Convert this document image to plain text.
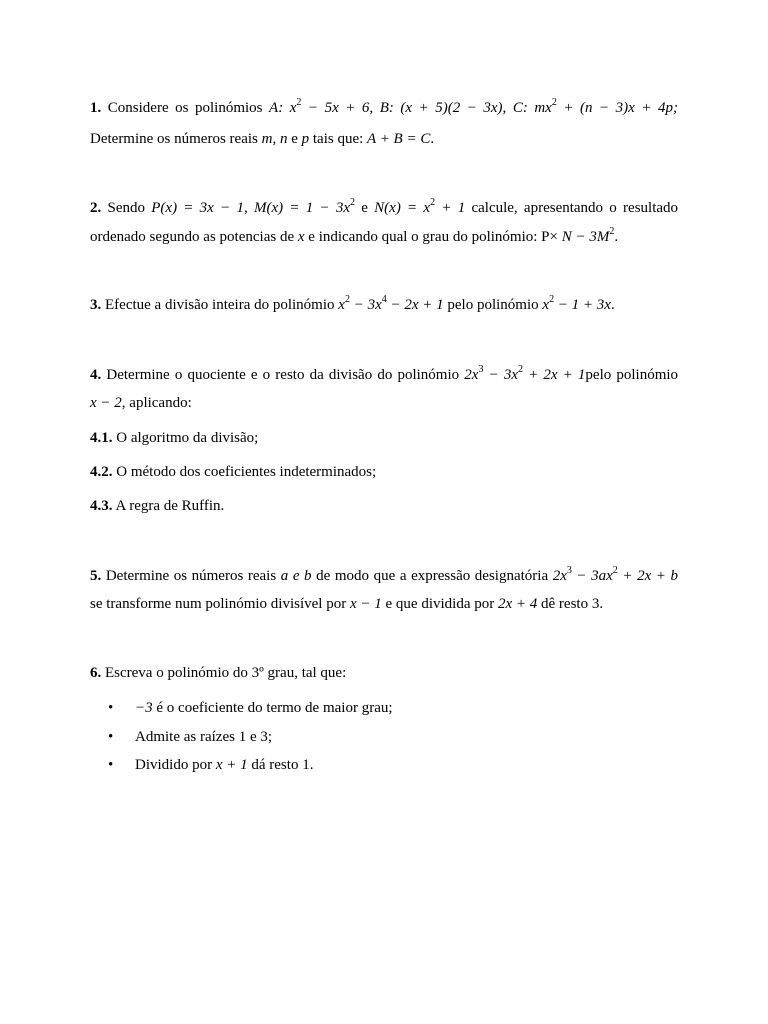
1. Considere os polinómios A: $x^2 - 5x + 6$, B: (x + 5)(2 − 3x), C: $mx^2 + (n - 3)x + 4p$;
Determine os números reais m, n e p tais que: A + B = C.
2. Sendo P(x) = 3x − 1, $M(x) = 1 - 3x^2$ e $N(x) = x^2 + 1$ calcule, apresentando o resultado
ordenado segundo as potencias de x e indicando qual o grau do polinómio: $P\times N - 3M^2$.
3. Efectue a divisão inteira do polinómio $x^2 - 3x^4 - 2x + 1$ pelo polinómio $x^2 - 1 + 3x$.
4. Determine o quociente e o resto da divisão do polinómio $2x^3 - 3x^2 + 2x$ + 1pelo polinómio
x − 2, aplicando:
4.1. O algoritmo da divisão;
4.2. O método dos coeficientes indeterminados;
4.3. A regra de Ruffin.
5. Determine os números reais a e b de modo que a expressão designatória $2x^3 - 3ax^2 + 2x + b$
se transforme num polinómio divisível por x − 1 e que dividida por 2x + 4 dê resto 3.
6. Escreva o polinómio do 3º grau, tal que:
• −3 é o coeficiente do termo de maior grau;
• Admite as raízes 1 e 3;
• Dividido por x + 1 dá resto 1.
